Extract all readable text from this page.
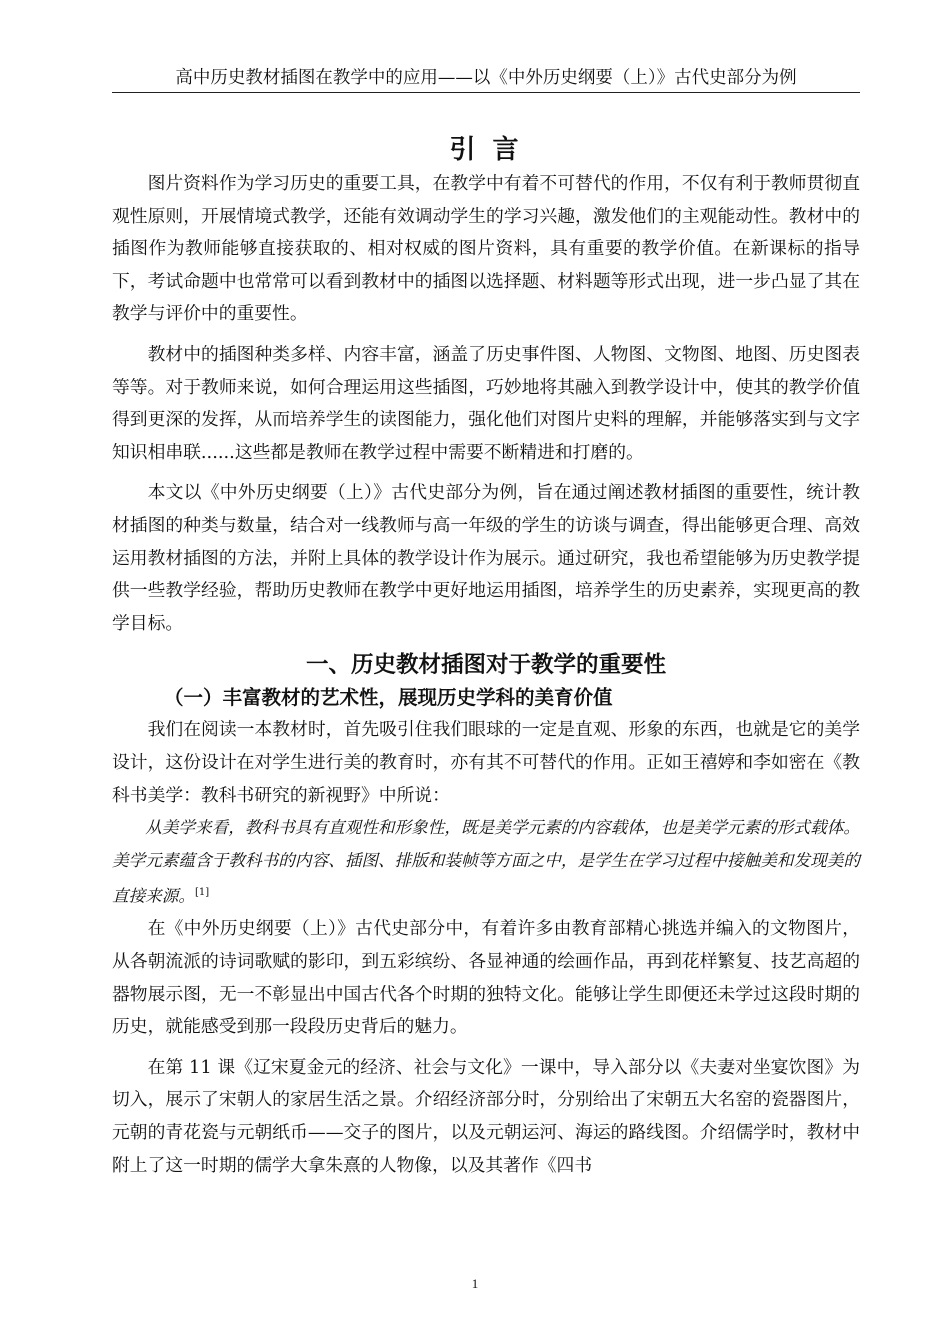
高中历史教材插图在教学中的应用——以《中外历史纲要（上）》古代史部分为例
引 言

图片资料作为学习历史的重要工具，在教学中有着不可替代的作用，不仅有利于教师贯彻直观性原则，开展情境式教学，还能有效调动学生的学习兴趣，激发他们的主观能动性。教材中的插图作为教师能够直接获取的、相对权威的图片资料，具有重要的教学价值。在新课标的指导下，考试命题中也常常可以看到教材中的插图以选择题、材料题等形式出现，进一步凸显了其在教学与评价中的重要性。

教材中的插图种类多样、内容丰富，涵盖了历史事件图、人物图、文物图、地图、历史图表等等。对于教师来说，如何合理运用这些插图，巧妙地将其融入到教学设计中，使其的教学价值得到更深的发挥，从而培养学生的读图能力，强化他们对图片史料的理解，并能够落实到与文字知识相串联......这些都是教师在教学过程中需要不断精进和打磨的。

本文以《中外历史纲要（上）》古代史部分为例，旨在通过阐述教材插图的重要性，统计教材插图的种类与数量，结合对一线教师与高一年级的学生的访谈与调查，得出能够更合理、高效运用教材插图的方法，并附上具体的教学设计作为展示。通过研究，我也希望能够为历史教学提供一些教学经验，帮助历史教师在教学中更好地运用插图，培养学生的历史素养，实现更高的教学目标。

一、历史教材插图对于教学的重要性
（一）丰富教材的艺术性，展现历史学科的美育价值

我们在阅读一本教材时，首先吸引住我们眼球的一定是直观、形象的东西，也就是它的美学设计，这份设计在对学生进行美的教育时，亦有其不可替代的作用。正如王禧婷和李如密在《教科书美学：教科书研究的新视野》中所说：

从美学来看，教科书具有直观性和形象性，既是美学元素的内容载体，也是美学元素的形式载体。美学元素蕴含于教科书的内容、插图、排版和装帧等方面之中，是学生在学习过程中接触美和发现美的直接来源。[1]

在《中外历史纲要（上）》古代史部分中，有着许多由教育部精心挑选并编入的文物图片，从各朝流派的诗词歌赋的影印，到五彩缤纷、各显神通的绘画作品，再到花样繁复、技艺高超的器物展示图，无一不彰显出中国古代各个时期的独特文化。能够让学生即便还未学过这段时期的历史，就能感受到那一段段历史背后的魅力。

在第 11 课《辽宋夏金元的经济、社会与文化》一课中，导入部分以《夫妻对坐宴饮图》为切入，展示了宋朝人的家居生活之景。介绍经济部分时，分别给出了宋朝五大名窑的瓷器图片，元朝的青花瓷与元朝纸币——交子的图片，以及元朝运河、海运的路线图。介绍儒学时，教材中附上了这一时期的儒学大拿朱熹的人物像，以及其著作《四书

1
